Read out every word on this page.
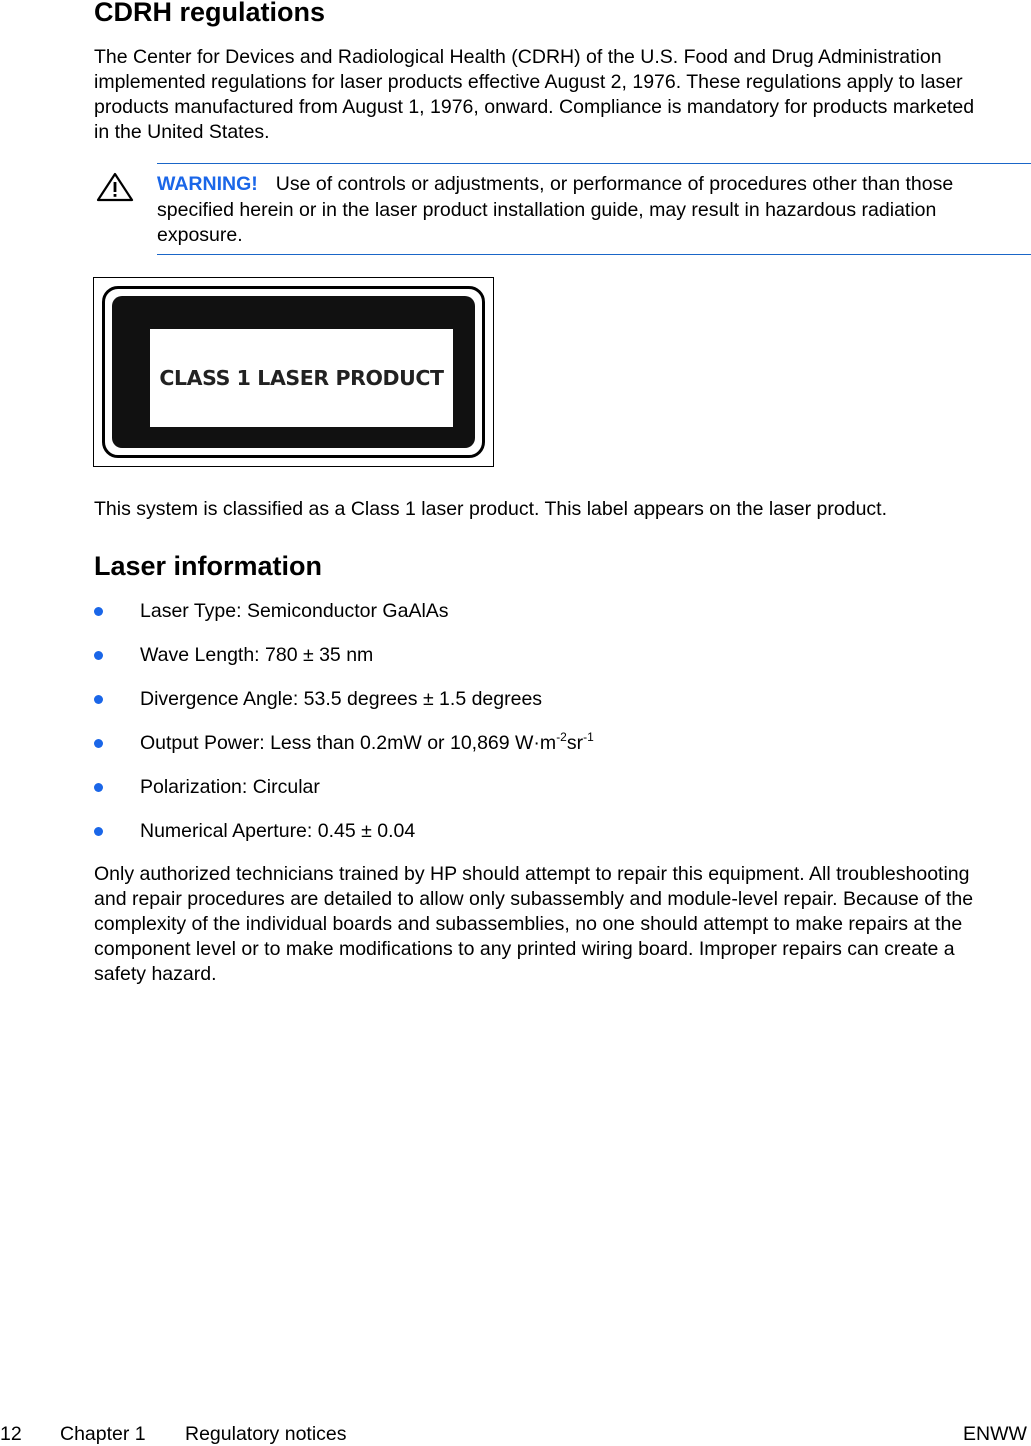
CDRH regulations

The Center for Devices and Radiological Health (CDRH) of the U.S. Food and Drug Administration
implemented regulations for laser products effective August 2, 1976. These regulations apply to laser
products manufactured from August 1, 1976, onward. Compliance is mandatory for products marketed
in the United States.

WARNING! Use of controls or adjustments, or performance of procedures other than those
specified herein or in the laser product installation guide, may result in hazardous radiation
exposure.

CLASS 1 LASER PRODUCT

This system is classified as a Class 1 laser product. This label appears on the laser product.

Laser information
Laser Type: Semiconductor GaAlAs
Wave Length: 780 ± 35 nm
Divergence Angle: 53.5 degrees ± 1.5 degrees
Output Power: Less than 0.2mW or 10,869 $W\cdot m^{-2}sr^{-1}$
Polarization: Circular
Numerical Aperture: 0.45 ± 0.04

Only authorized technicians trained by HP should attempt to repair this equipment. All troubleshooting
and repair procedures are detailed to allow only subassembly and module-level repair. Because of the
complexity of the individual boards and subassemblies, no one should attempt to make repairs at the
component level or to make modifications to any printed wiring board. Improper repairs can create a
safety hazard.

12 Chapter 1 Regulatory notices	ENWW
